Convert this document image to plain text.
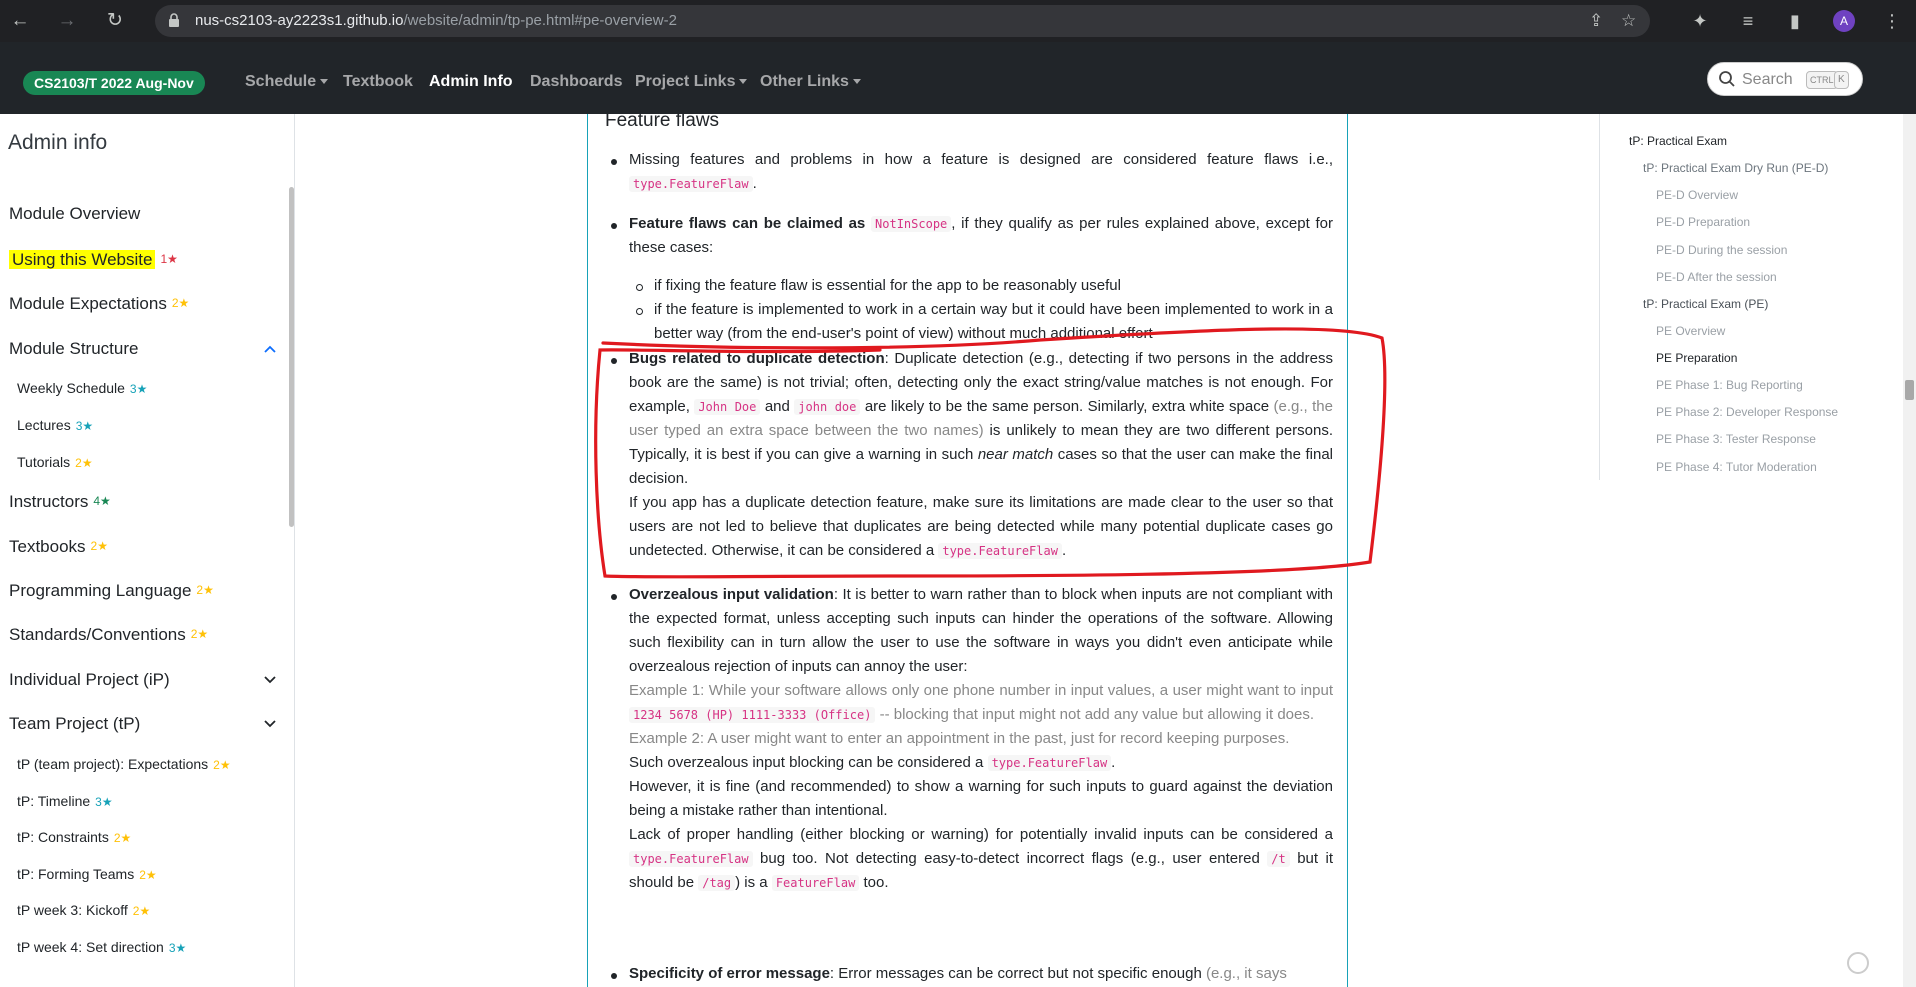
← → ↻	nus-cs2103-ay2223s1.github.io/website/admin/tp-pe.html#pe-overview-2	⇪ ☆	✦	≡	▮	A	⋮
CS2103/T 2022 Aug-Nov	Schedule	Textbook Admin Info Dashboards Project Links	Other Links	Search	CTRL K
Admin info
Module Overview
Using this Website $^{1★}$
Module Expectations $^{2★}$
Module Structure
Weekly Schedule 3★
Lectures 3★
Tutorials 2★
Instructors $^{4★}$
Textbooks $^{2★}$
Programming Language $^{2★}$
Standards/Conventions $^{2★}$
Individual Project (iP)
Team Project (tP)
tP (team project): Expectations 2★
tP: Timeline 3★
tP: Constraints 2★
tP: Forming Teams 2★
tP week 3: Kickoff 2★
tP week 4: Set direction 3★
Feature flaws
Missing features and problems in how a feature is designed are considered feature flaws i.e., type.FeatureFlaw .
Feature flaws can be claimed as NotInScope , if they qualify as per rules explained above, except for these cases:
if fixing the feature flaw is essential for the app to be reasonably useful
if the feature is implemented to work in a certain way but it could have been implemented to work in a better way (from the end-user's point of view) without much additional effort
Bugs related to duplicate detection: Duplicate detection (e.g., detecting if two persons in the address book are the same) is not trivial; often, detecting only the exact string/value matches is not enough. For example, John Doe and john doe are likely to be the same person. Similarly, extra white space (e.g., the user typed an extra space between the two names) is unlikely to mean they are two different persons. Typically, it is best if you can give a warning in such near match cases so that the user can make the final decision.
If you app has a duplicate detection feature, make sure its limitations are made clear to the user so that users are not led to believe that duplicates are being detected while many potential duplicate cases go undetected. Otherwise, it can be considered a type.FeatureFlaw .
Overzealous input validation: It is better to warn rather than to block when inputs are not compliant with the expected format, unless accepting such inputs can hinder the operations of the software. Allowing such flexibility can in turn allow the user to use the software in ways you didn't even anticipate while overzealous rejection of inputs can annoy the user:
Example 1: While your software allows only one phone number in input values, a user might want to input 1234 5678 (HP) 1111-3333 (Office) -- blocking that input might not add any value but allowing it does.
Example 2: A user might want to enter an appointment in the past, just for record keeping purposes.
Such overzealous input blocking can be considered a type.FeatureFlaw .
However, it is fine (and recommended) to show a warning for such inputs to guard against the deviation being a mistake rather than intentional.
Lack of proper handling (either blocking or warning) for potentially invalid inputs can be considered a type.FeatureFlaw bug too. Not detecting easy-to-detect incorrect flags (e.g., user entered /t but it should be /tag ) is a FeatureFlaw too.
Specificity of error message: Error messages can be correct but not specific enough (e.g., it says
tP: Practical Exam
tP: Practical Exam Dry Run (PE-D)
PE-D Overview
PE-D Preparation
PE-D During the session
PE-D After the session
tP: Practical Exam (PE)
PE Overview
PE Preparation
PE Phase 1: Bug Reporting
PE Phase 2: Developer Response
PE Phase 3: Tester Response
PE Phase 4: Tutor Moderation
